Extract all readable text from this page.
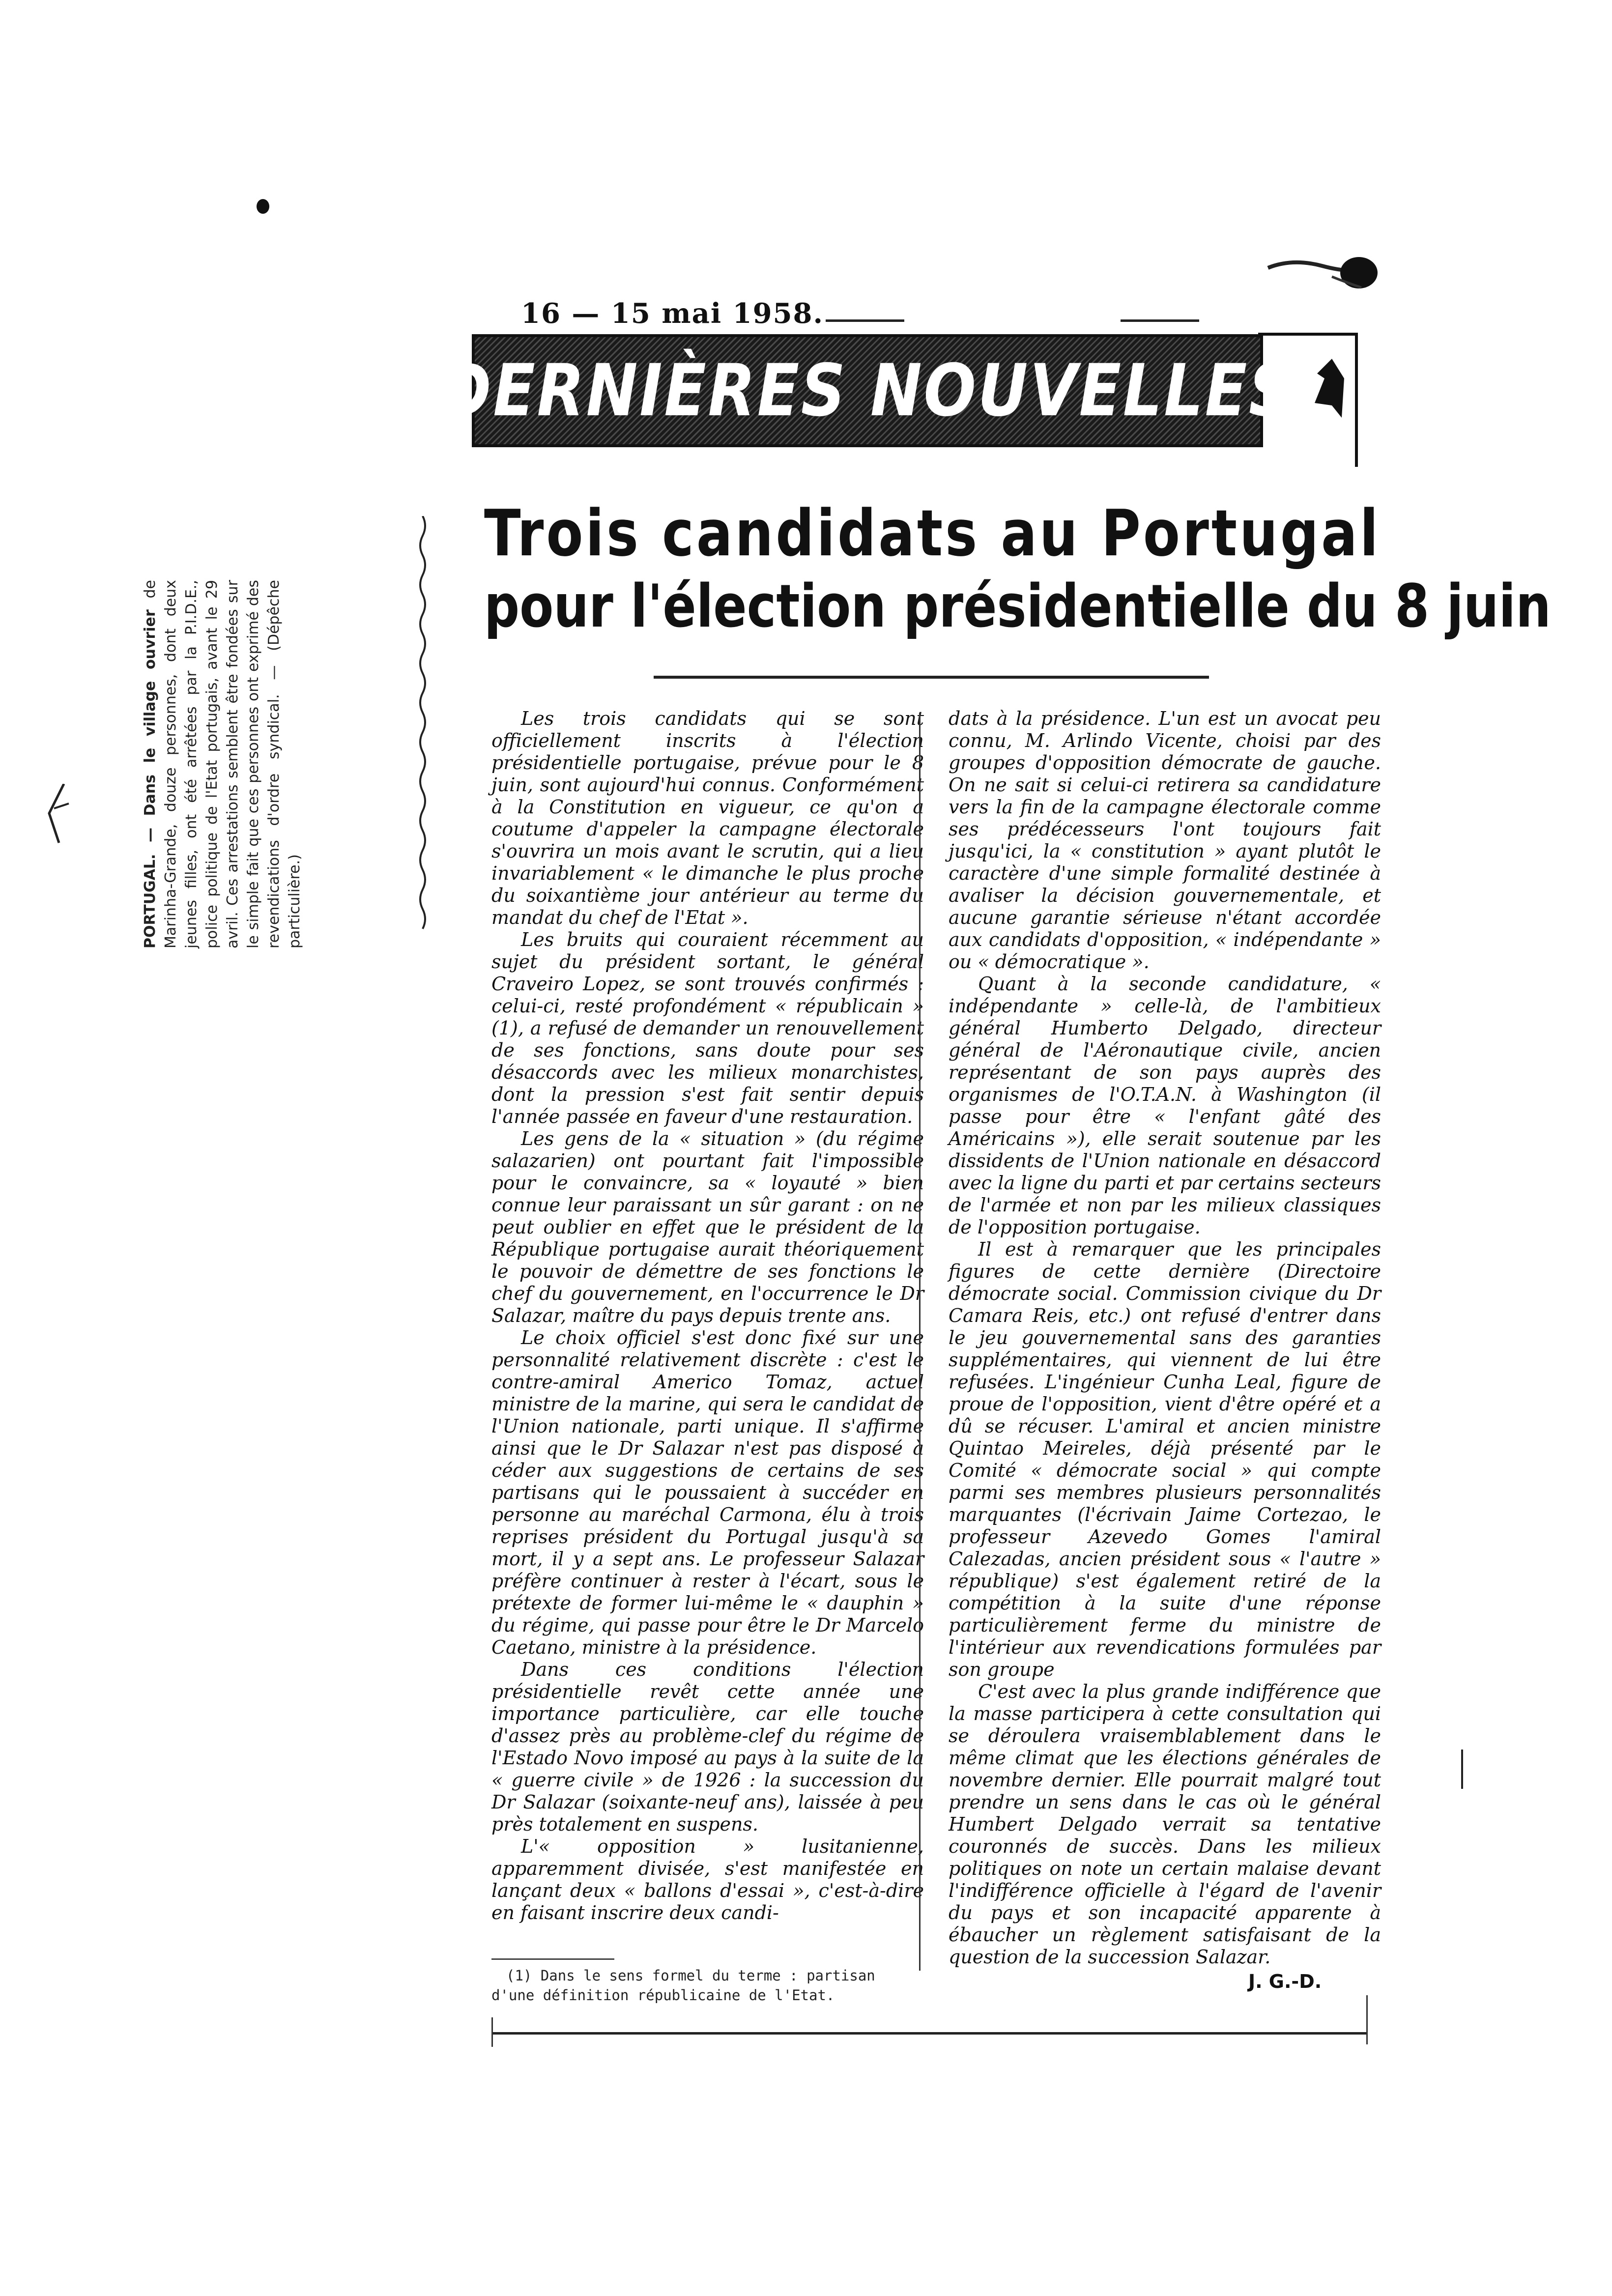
16 — 15 mai 1958.
DERNIÈRES NOUVELLES

PORTUGAL. — Dans le village ouvrier de Marinha-Grande, douze personnes, dont deux jeunes filles, ont été arrêtées par la P.I.D.E., police politique de l'Etat portugais, avant le 29 avril. Ces arrestations semblent être fondées sur le simple fait que ces personnes ont exprimé des revendications d'ordre syndical. — (Dépêche particulière.)

Trois candidats au Portugal
pour l'élection présidentielle du 8 juin

Les trois candidats qui se sont officiellement inscrits à l'élection présidentielle portugaise, prévue pour le 8 juin, sont aujourd'hui connus. Conformément à la Constitution en vigueur, ce qu'on a coutume d'appeler la campagne électorale s'ouvrira un mois avant le scrutin, qui a lieu invariablement « le dimanche le plus proche du soixantième jour antérieur au terme du mandat du chef de l'Etat ».

Les bruits qui couraient récemment au sujet du président sortant, le général Craveiro Lopez, se sont trouvés confirmés : celui-ci, resté profondément « républicain » (1), a refusé de demander un renouvellement de ses fonctions, sans doute pour ses désaccords avec les milieux monarchistes, dont la pression s'est fait sentir depuis l'année passée en faveur d'une restauration.

Les gens de la « situation » (du régime salazarien) ont pourtant fait l'impossible pour le convaincre, sa « loyauté » bien connue leur paraissant un sûr garant : on ne peut oublier en effet que le président de la République portugaise aurait théoriquement le pouvoir de démettre de ses fonctions le chef du gouvernement, en l'occurrence le Dr Salazar, maître du pays depuis trente ans.

Le choix officiel s'est donc fixé sur une personnalité relativement discrète : c'est le contre-amiral Americo Tomaz, actuel ministre de la marine, qui sera le candidat de l'Union nationale, parti unique. Il s'affirme ainsi que le Dr Salazar n'est pas disposé à céder aux suggestions de certains de ses partisans qui le poussaient à succéder en personne au maréchal Carmona, élu à trois reprises président du Portugal jusqu'à sa mort, il y a sept ans. Le professeur Salazar préfère continuer à rester à l'écart, sous le prétexte de former lui-même le « dauphin » du régime, qui passe pour être le Dr Marcelo Caetano, ministre à la présidence.

Dans ces conditions l'élection présidentielle revêt cette année une importance particulière, car elle touche d'assez près au problème-clef du régime de l'Estado Novo imposé au pays à la suite de la « guerre civile » de 1926 : la succession du Dr Salazar (soixante-neuf ans), laissée à peu près totalement en suspens.

L'« opposition » lusitanienne, apparemment divisée, s'est manifestée en lançant deux « ballons d'essai », c'est-à-dire en faisant inscrire deux candi-

dats à la présidence. L'un est un avocat peu connu, M. Arlindo Vicente, choisi par des groupes d'opposition démocrate de gauche. On ne sait si celui-ci retirera sa candidature vers la fin de la campagne électorale comme ses prédécesseurs l'ont toujours fait jusqu'ici, la « constitution » ayant plutôt le caractère d'une simple formalité destinée à avaliser la décision gouvernementale, et aucune garantie sérieuse n'étant accordée aux candidats d'opposition, « indépendante » ou « démocratique ».

Quant à la seconde candidature, « indépendante » celle-là, de l'ambitieux général Humberto Delgado, directeur général de l'Aéronautique civile, ancien représentant de son pays auprès des organismes de l'O.T.A.N. à Washington (il passe pour être « l'enfant gâté des Américains »), elle serait soutenue par les dissidents de l'Union nationale en désaccord avec la ligne du parti et par certains secteurs de l'armée et non par les milieux classiques de l'opposition portugaise.

Il est à remarquer que les principales figures de cette dernière (Directoire démocrate social. Commission civique du Dr Camara Reis, etc.) ont refusé d'entrer dans le jeu gouvernemental sans des garanties supplémentaires, qui viennent de lui être refusées. L'ingénieur Cunha Leal, figure de proue de l'opposition, vient d'être opéré et a dû se récuser. L'amiral et ancien ministre Quintao Meireles, déjà présenté par le Comité « démocrate social » qui compte parmi ses membres plusieurs personnalités marquantes (l'écrivain Jaime Cortezao, le professeur Azevedo Gomes l'amiral Calezadas, ancien président sous « l'autre » république) s'est également retiré de la compétition à la suite d'une réponse particulièrement ferme du ministre de l'intérieur aux revendications formulées par son groupe

C'est avec la plus grande indifférence que la masse participera à cette consultation qui se déroulera vraisemblablement dans le même climat que les élections générales de novembre dernier. Elle pourrait malgré tout prendre un sens dans le cas où le général Humbert Delgado verrait sa tentative couronnés de succès. Dans les milieux politiques on note un certain malaise devant l'indifférence officielle à l'égard de l'avenir du pays et son incapacité apparente à ébaucher un règlement satisfaisant de la question de la succession Salazar.

(1) Dans le sens formel du terme : partisan d'une définition républicaine de l'Etat.

J. G.-D.
